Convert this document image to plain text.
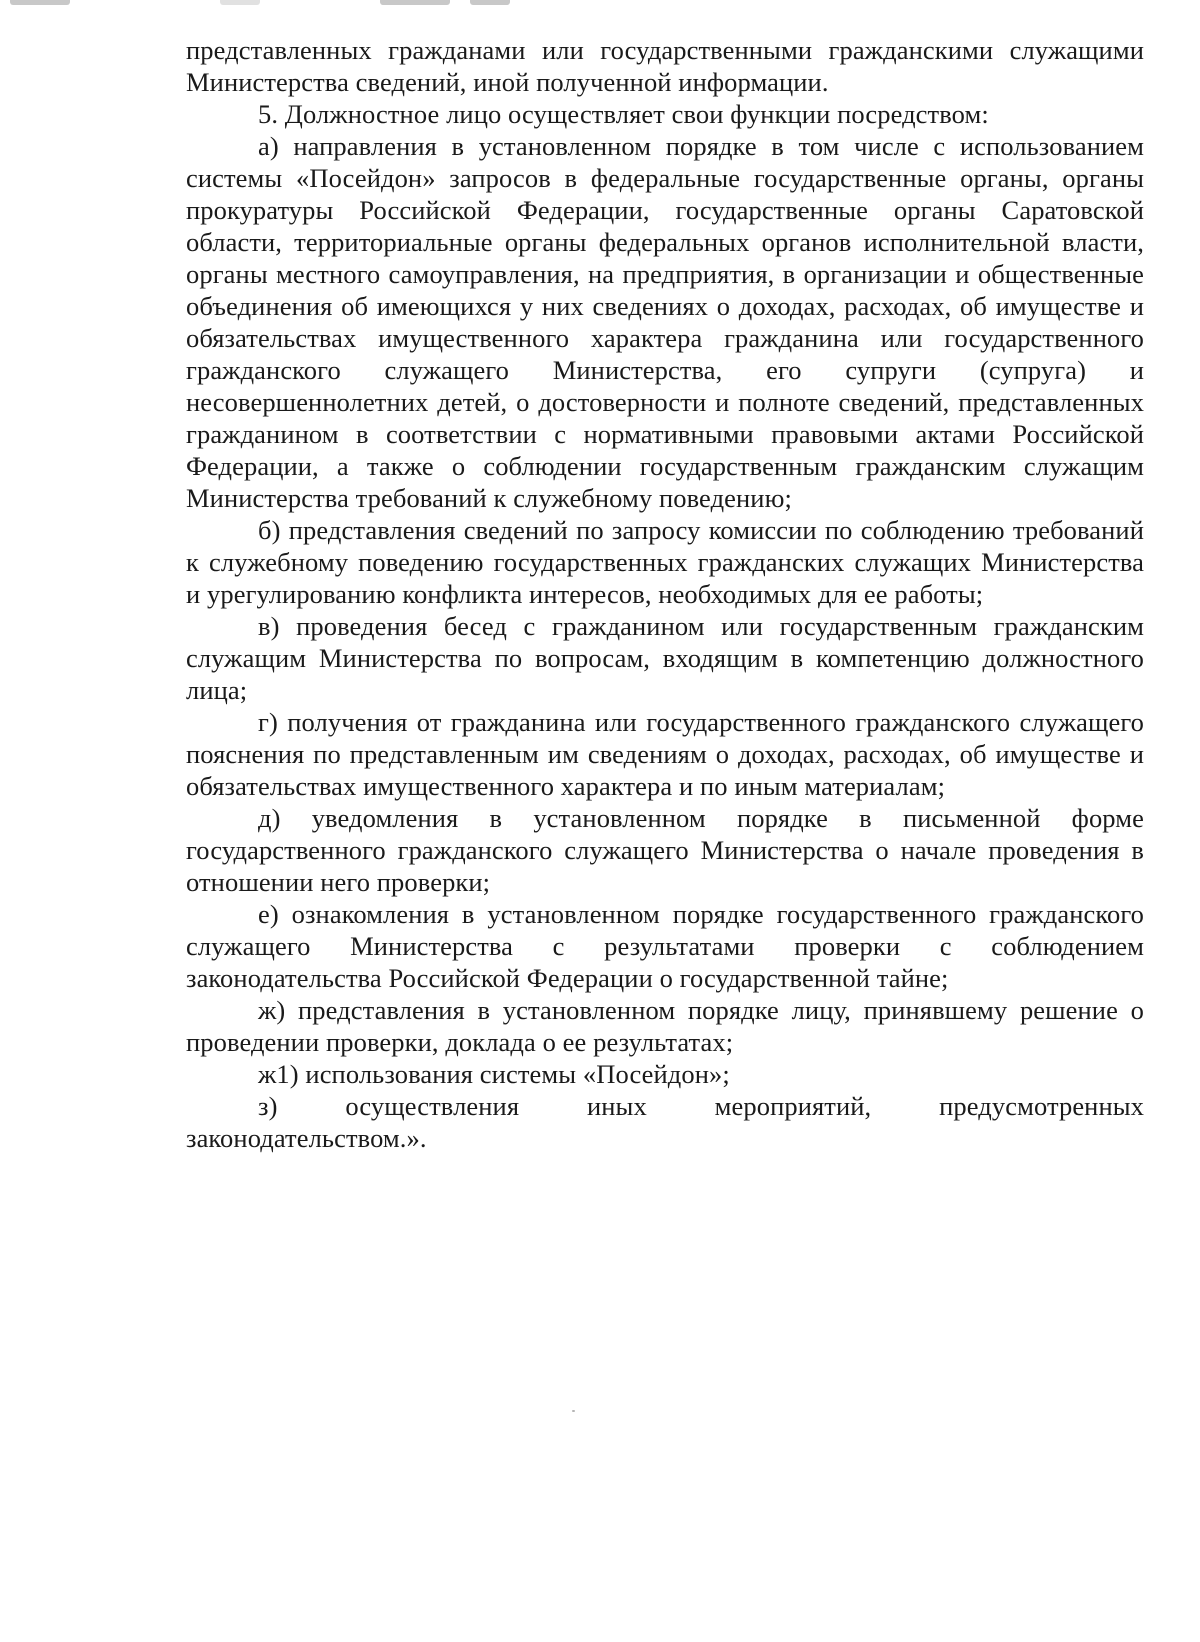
представленных гражданами или государственными гражданскими служащими Министерства сведений, иной полученной информации.

5. Должностное лицо осуществляет свои функции посредством:

а) направления в установленном порядке в том числе с использованием системы «Посейдон» запросов в федеральные государственные органы, органы прокуратуры Российской Федерации, государственные органы Саратовской области, территориальные органы федеральных органов исполнительной власти, органы местного самоуправления, на предприятия, в организации и общественные объединения об имеющихся у них сведениях о доходах, расходах, об имуществе и обязательствах имущественного характера гражданина или государственного гражданского служащего Министерства, его супруги (супруга) и несовершеннолетних детей, о достоверности и полноте сведений, представленных гражданином в соответствии с нормативными правовыми актами Российской Федерации, а также о соблюдении государственным гражданским служащим Министерства требований к служебному поведению;

б) представления сведений по запросу комиссии по соблюдению требований к служебному поведению государственных гражданских служащих Министерства и урегулированию конфликта интересов, необходимых для ее работы;

в) проведения бесед с гражданином или государственным гражданским служащим Министерства по вопросам, входящим в компетенцию должностного лица;

г) получения от гражданина или государственного гражданского служащего пояснения по представленным им сведениям о доходах, расходах, об имуществе и обязательствах имущественного характера и по иным материалам;

д) уведомления в установленном порядке в письменной форме государственного гражданского служащего Министерства о начале проведения в отношении него проверки;

е) ознакомления в установленном порядке государственного гражданского служащего Министерства с результатами проверки с соблюдением законодательства Российской Федерации о государственной тайне;

ж) представления в установленном порядке лицу, принявшему решение о проведении проверки, доклада о ее результатах;

ж1) использования системы «Посейдон»;

з) осуществления иных мероприятий, предусмотренных законодательством.».
